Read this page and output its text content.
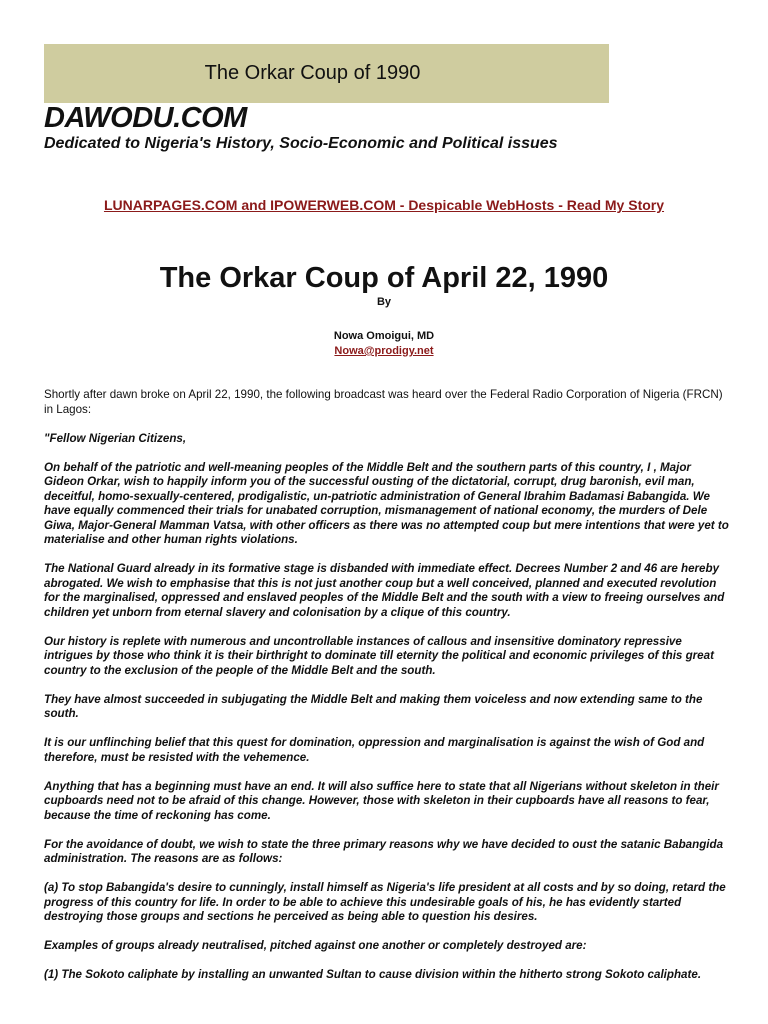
The Orkar Coup of 1990
DAWODU.COM
Dedicated to Nigeria's History, Socio-Economic and Political issues
LUNARPAGES.COM and IPOWERWEB.COM - Despicable WebHosts - Read My Story
The Orkar Coup of April 22, 1990
By
Nowa Omoigui, MD
Nowa@prodigy.net

Shortly after dawn broke on April 22, 1990, the following broadcast was heard over the Federal Radio Corporation of Nigeria (FRCN) in Lagos:

"Fellow Nigerian Citizens,

On behalf of the patriotic and well-meaning peoples of the Middle Belt and the southern parts of this country, I , Major Gideon Orkar, wish to happily inform you of the successful ousting of the dictatorial, corrupt, drug baronish, evil man, deceitful, homo-sexually-centered, prodigalistic, un-patriotic administration of General Ibrahim Badamasi Babangida. We have equally commenced their trials for unabated corruption, mismanagement of national economy, the murders of Dele Giwa, Major-General Mamman Vatsa, with other officers as there was no attempted coup but mere intentions that were yet to materialise and other human rights violations.

The National Guard already in its formative stage is disbanded with immediate effect. Decrees Number 2 and 46 are hereby abrogated. We wish to emphasise that this is not just another coup but a well conceived, planned and executed revolution for the marginalised, oppressed and enslaved peoples of the Middle Belt and the south with a view to freeing ourselves and children yet unborn from eternal slavery and colonisation by a clique of this country.

Our history is replete with numerous and uncontrollable instances of callous and insensitive dominatory repressive intrigues by those who think it is their birthright to dominate till eternity the political and economic privileges of this great country to the exclusion of the people of the Middle Belt and the south.

They have almost succeeded in subjugating the Middle Belt and making them voiceless and now extending same to the south.

It is our unflinching belief that this quest for domination, oppression and marginalisation is against the wish of God and therefore, must be resisted with the vehemence.

Anything that has a beginning must have an end. It will also suffice here to state that all Nigerians without skeleton in their cupboards need not to be afraid of this change. However, those with skeleton in their cupboards have all reasons to fear, because the time of reckoning has come.

For the avoidance of doubt, we wish to state the three primary reasons why we have decided to oust the satanic Babangida administration. The reasons are as follows:

(a) To stop Babangida's desire to cunningly, install himself as Nigeria's life president at all costs and by so doing, retard the progress of this country for life. In order to be able to achieve this undesirable goals of his, he has evidently started destroying those groups and sections he perceived as being able to question his desires.

Examples of groups already neutralised, pitched against one another or completely destroyed are:

(1) The Sokoto caliphate by installing an unwanted Sultan to cause division within the hitherto strong Sokoto caliphate.
